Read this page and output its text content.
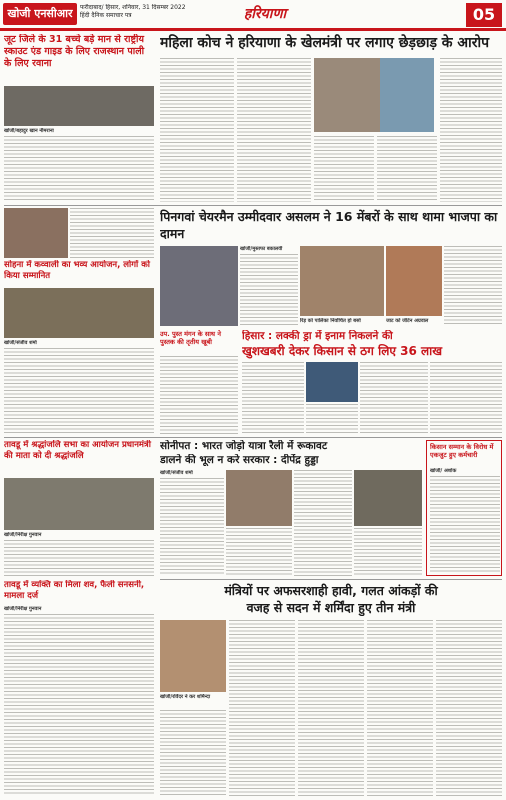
खोजी एनसीआर	फरीदाबाद/ हिसार, शनिवार, 31 दिसम्बर 2022
हिंदी दैनिक समाचार पत्र	हरियाणा	05
जूट जिले के 31 बच्चे बड़े मान से राष्ट्रीय स्काउट एंड गाइड के लिए राजस्थान पाली के लिए रवाना
खोजी/बहादुर खान नीमराना
महिला कोच ने हरियाणा के खेलमंत्री पर लगाए छेड़छाड़ के आरोप
सोहना में कव्वाली का भव्य आयोजन, लोगों को किया सम्मानित
खोजी/संजीव शर्मा
पिनगवां चेयरमैन उम्मीदवार असलम ने 16 मेंबरों के साथ थामा भाजपा का दामन
खोजी/मुस्तफा बकालवी
रिड़ को पालिका निर्वाचित हो बसो	जाट को जीटेन अग्रवाल
उप. पुस्त मंगन के साथ ने पुस्तक की तृतीय खूबी	हिसार : लक्की ड्रा में इनाम निकलने की
खुशखबरी देकर किसान से ठग लिए 36 लाख
तावडू में श्रद्धांजलि सभा का आयोजन प्रधानमंत्री की माता को दी श्रद्धांजलि
खोजी/निरीक्ष गुनवान
सोनीपत : भारत जोड़ो यात्रा रैली में रूकावट
डालने की भूल न करे सरकार : दीपेंद्र हुड्डा
खोजी/संजीव शर्मा
किसान सम्मान के विरोध में एकजुट हुए कर्मचारी
खोजी/ अशोक
तावडू में व्यक्ति का मिला शव, फैली सनसनी, मामला दर्ज
खोजी/निरीक्ष गुनवान
मंत्रियों पर अफसरशाही हावी, गलत आंकड़ों की
वजह से सदन में शर्मिंदा हुए तीन मंत्री
खोजी/रविंदर ने कर शर्मिन्दा
